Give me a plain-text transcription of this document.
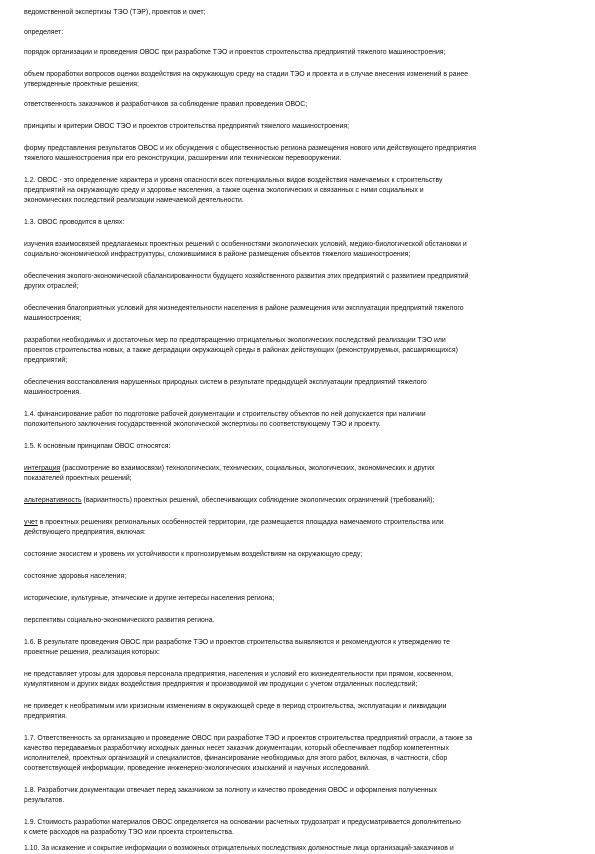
ведомственной экспертизы ТЭО (ТЭР), проектов и смет;
определяет:
порядок организации и проведения ОВОС при разработке ТЭО и проектов строительства предприятий тяжелого машиностроения;
объем проработки вопросов оценки воздействия на окружающую среду на стадии ТЭО и проекта и в случае внесения изменений в ранее
утвержденные проектные решения;
ответственность заказчиков и разработчиков за соблюдение правил проведения ОВОС;
принципы и критерии ОВОС ТЭО и проектов строительства предприятий тяжелого машиностроения;
форму представления результатов ОВОС и их обсуждения с общественностью региона размещения нового или действующего предприятия
тяжелого машиностроения при его реконструкции, расширении или техническом перевооружении.
1.2. ОВОС - это определение характера и уровня опасности всех потенциальных видов воздействия намечаемых к строительству
предприятий на окружающую среду и здоровье населения, а также оценка экологических и связанных с ними социальных и
экономических последствий реализации намечаемой деятельности.
1.3. ОВОС проводится в целях:
изучения взаимосвязей предлагаемых проектных решений с особенностями экологических условий, медико-биологической обстановки и
социально-экономической инфраструктуры, сложившимися в районе размещения объектов тяжелого машиностроения;
обеспечения эколого-экономической сбалансированности будущего хозяйственного развития этих предприятий с развитием предприятий
других отраслей;
обеспечения благоприятных условий для жизнедеятельности населения в районе размещения или эксплуатации предприятий тяжелого
машиностроения;
разработки необходимых и достаточных мер по предотвращению отрицательных экологических последствий реализации ТЭО или
проектов строительства новых, а также деградации окружающей среды в районах действующих (реконструируемых, расширяющихся)
предприятий;
обеспечения восстановления нарушенных природных систем в результате предыдущей эксплуатации предприятий тяжелого
машиностроения.
1.4. финансирование работ по подготовке рабочей документации и строительству объектов по ней допускается при наличии
положительного заключения государственной экологической экспертизы по соответствующему ТЭО и проекту.
1.5. К основным принципам ОВОС относятся:
интеграция (рассмотрение во взаимосвязи) технологических, технических, социальных, экологических, экономических и других
показателей проектных решений;
альтернативность (вариантность) проектных решений, обеспечивающих соблюдение экологических ограничений (требований);
учет в проектных решениях региональных особенностей территории, где размещается площадка намечаемого строительства или
действующего предприятия, включая:
состояние экосистем и уровень их устойчивости к прогнозируемым воздействиям на окружающую среду;
состояние здоровья населения;
исторические, культурные, этнические и другие интересы населения региона;
перспективы социально-экономического развития региона.
1.6. В результате проведения ОВОС при разработке ТЭО и проектов строительства выявляются и рекомендуются к утверждению те
проектные решения, реализация которых:
не представляет угрозы для здоровья персонала предприятия, населения и условий его жизнедеятельности при прямом, косвенном,
кумулятивном и других видах воздействия предприятия и производимой им продукции с учетом отдаленных последствий;
не приведет к необратимым или кризисным изменениям в окружающей среде в период строительства, эксплуатации и ликвидации
предприятия.
1.7. Ответственность за организацию и проведение ОВОС при разработке ТЭО и проектов строительства предприятий отрасли, а также за
качество передаваемых разработчику исходных данных несет заказчик документации, который обеспечивает подбор компетентных
исполнителей, проектных организаций и специалистов, финансирование необходимых для этого работ, включая, в частности, сбор
соответствующей информации, проведение инженерно-экологических изысканий и научных исследований.
1.8. Разработчик документации отвечает перед заказчиком за полноту и качество проведения ОВОС и оформления полученных
результатов.
1.9. Стоимость разработки материалов ОВОС определяется на основании расчетных трудозатрат и предусматривается дополнительно
к смете расходов на разработку ТЭО или проекта строительства.
1.10. За искажение и сокрытие информации о возможных отрицательных последствиях должностные лица организаций-заказчиков и
